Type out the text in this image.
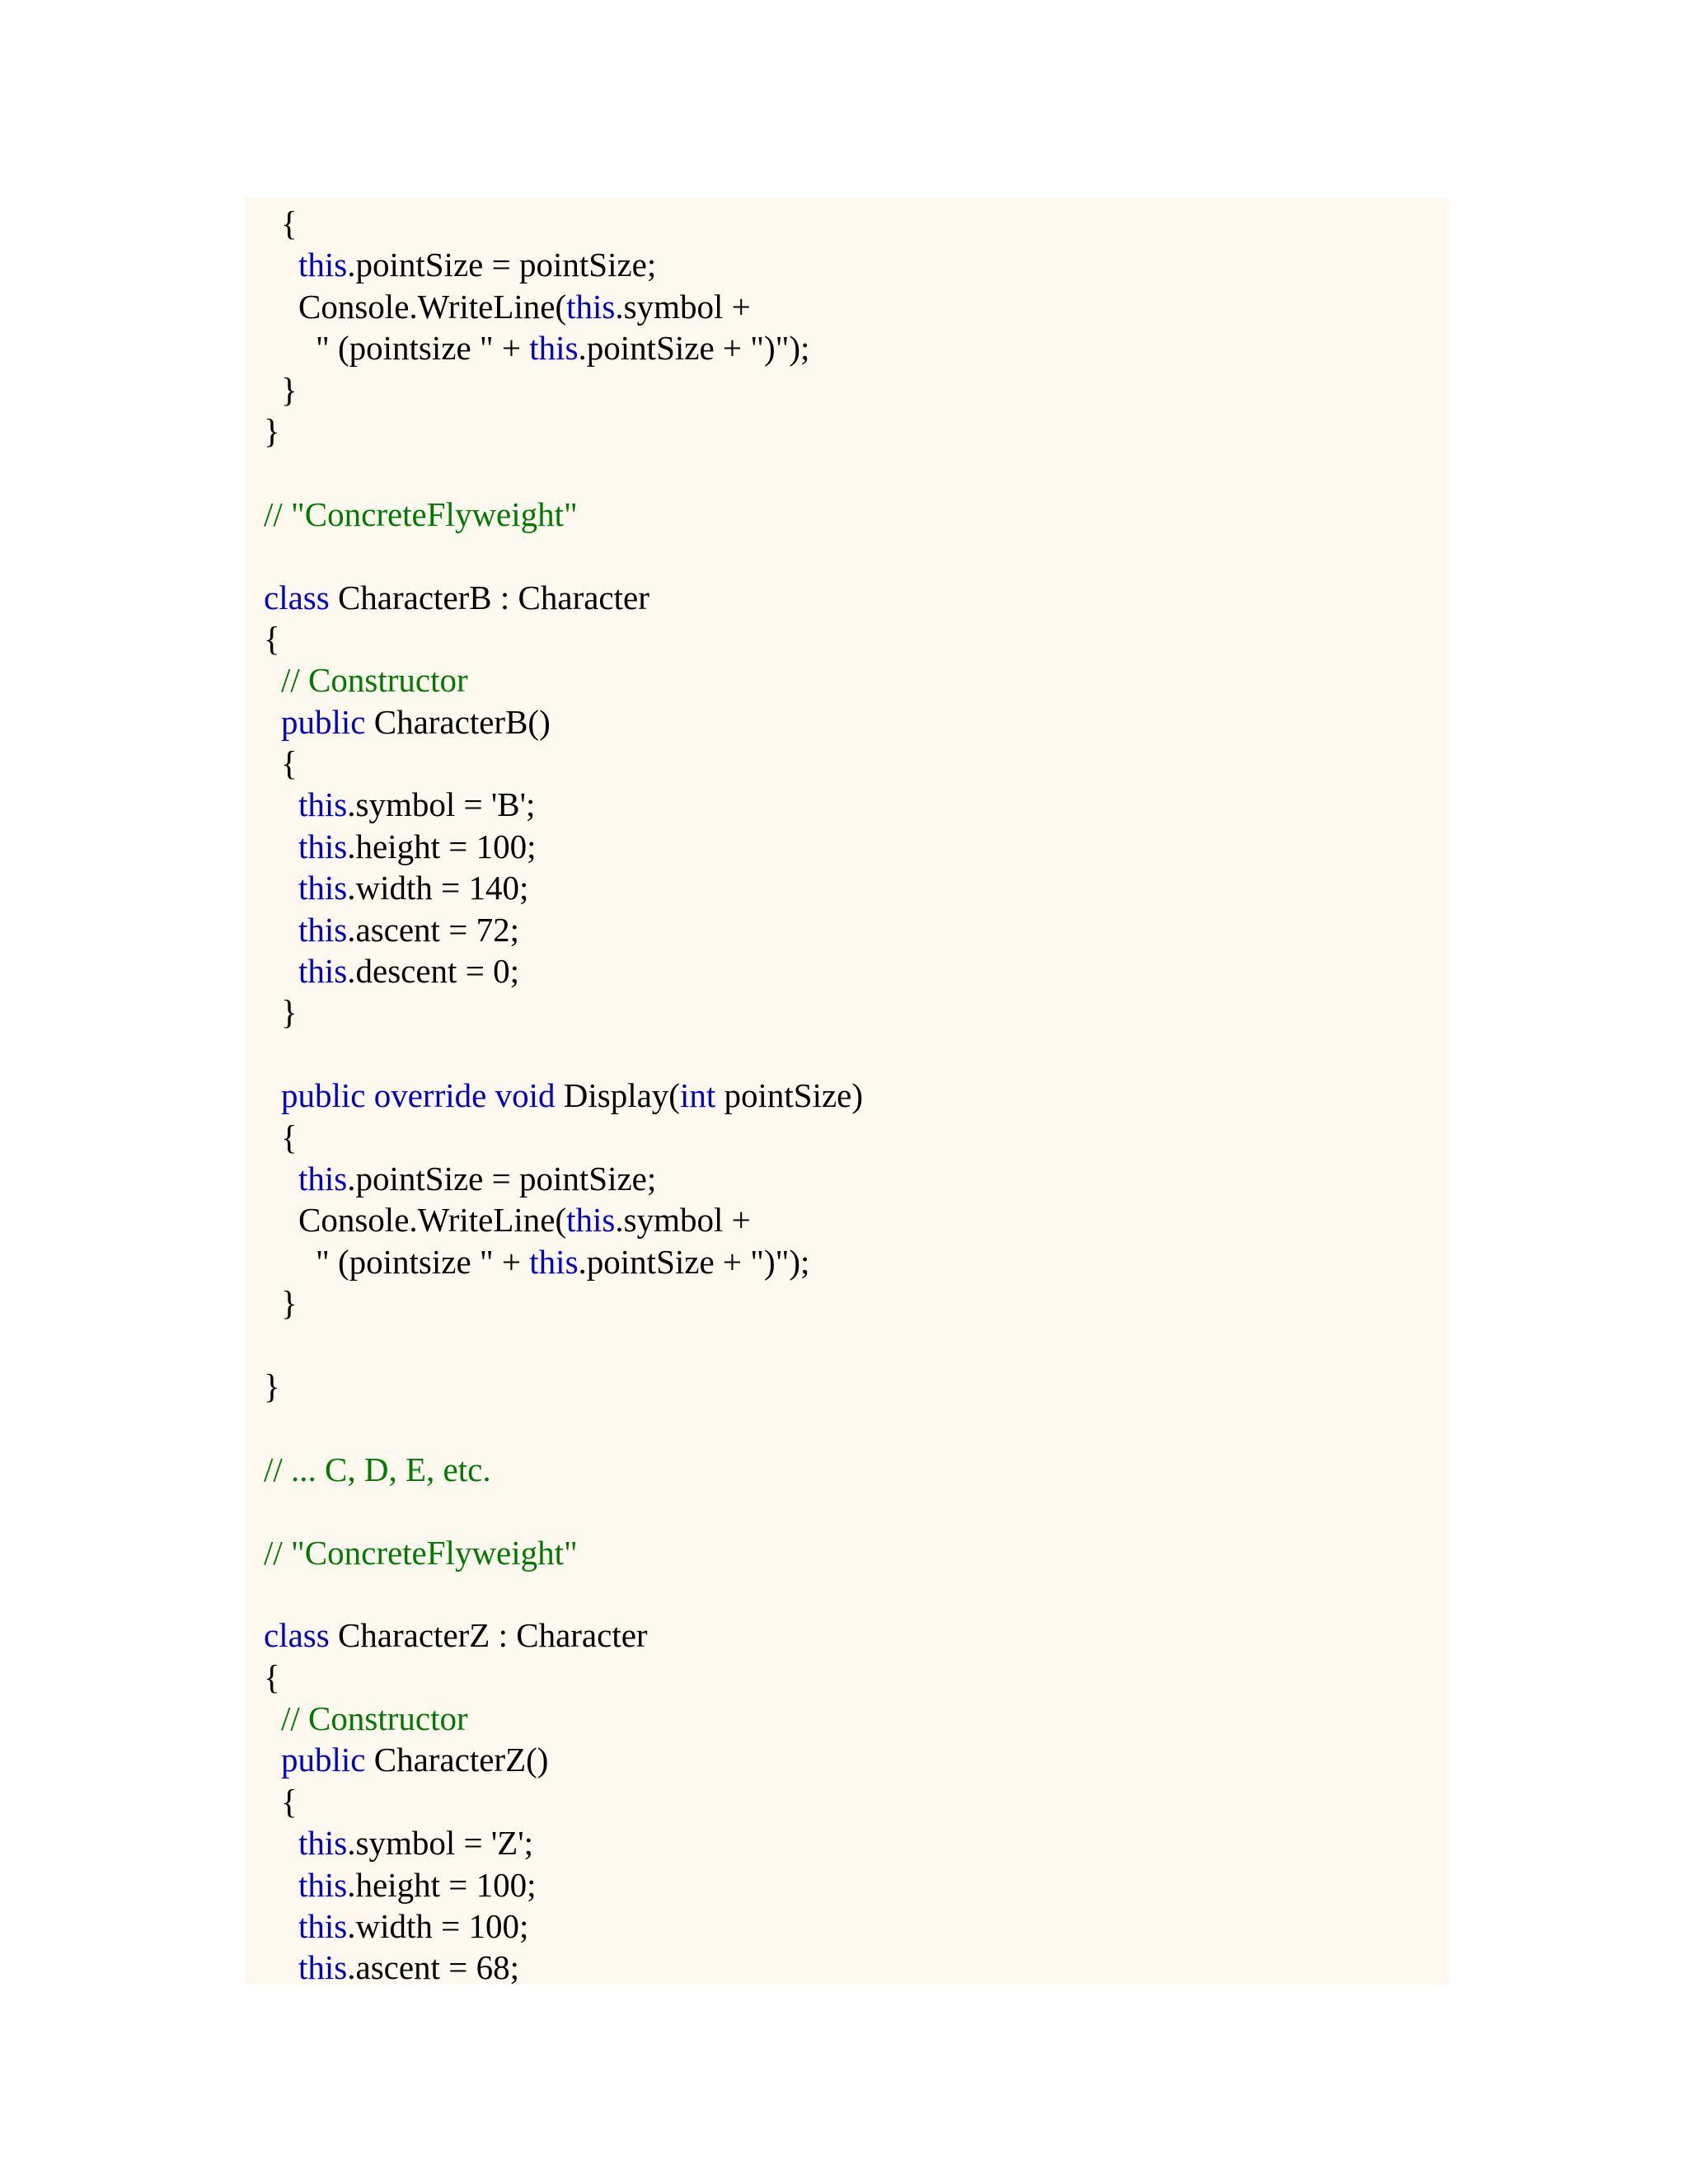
{
this.pointSize = pointSize;
Console.WriteLine(this.symbol +
" (pointsize " + this.pointSize + ")");
}
}
// "ConcreteFlyweight"
class CharacterB : Character
{
// Constructor
public CharacterB()
{
this.symbol = 'B';
this.height = 100;
this.width = 140;
this.ascent = 72;
this.descent = 0;
}
public override void Display(int pointSize)
{
this.pointSize = pointSize;
Console.WriteLine(this.symbol +
" (pointsize " + this.pointSize + ")");
}
}
// ... C, D, E, etc.
// "ConcreteFlyweight"
class CharacterZ : Character
{
// Constructor
public CharacterZ()
{
this.symbol = 'Z';
this.height = 100;
this.width = 100;
this.ascent = 68;
